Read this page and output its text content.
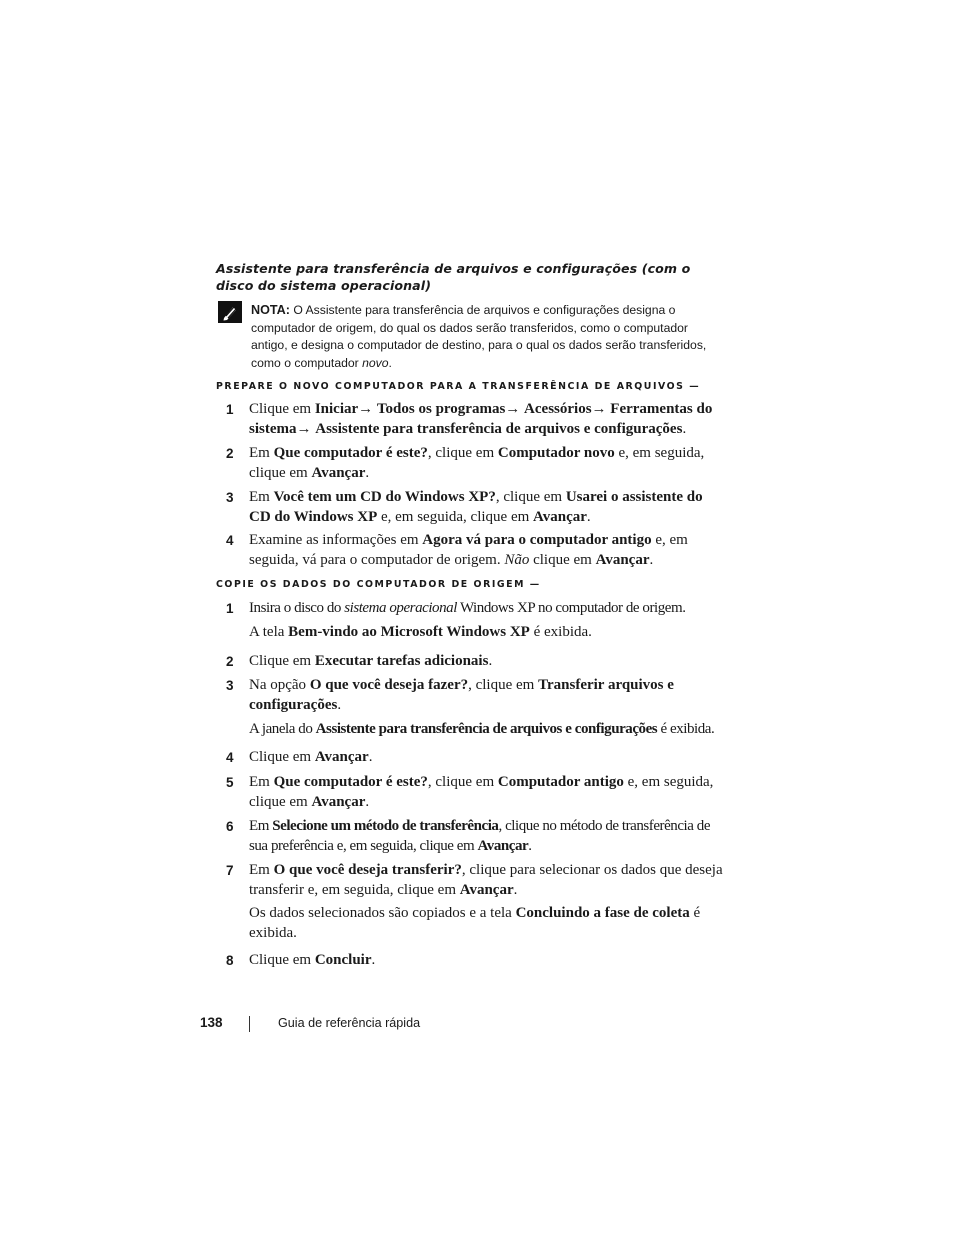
Assistente para transferência de arquivos e configurações (com o disco do sistema operacional)
NOTA: O Assistente para transferência de arquivos e configurações designa o computador de origem, do qual os dados serão transferidos, como o computador antigo, e designa o computador de destino, para o qual os dados serão transferidos, como o computador novo.
PREPARE O NOVO COMPUTADOR PARA A TRANSFERÊNCIA DE ARQUIVOS —
1 Clique em Iniciar→ Todos os programas→ Acessórios→ Ferramentas do sistema→ Assistente para transferência de arquivos e configurações.
2 Em Que computador é este?, clique em Computador novo e, em seguida, clique em Avançar.
3 Em Você tem um CD do Windows XP?, clique em Usarei o assistente do CD do Windows XP e, em seguida, clique em Avançar.
4 Examine as informações em Agora vá para o computador antigo e, em seguida, vá para o computador de origem. Não clique em Avançar.
COPIE OS DADOS DO COMPUTADOR DE ORIGEM —
1 Insira o disco do sistema operacional Windows XP no computador de origem.
A tela Bem-vindo ao Microsoft Windows XP é exibida.
2 Clique em Executar tarefas adicionais.
3 Na opção O que você deseja fazer?, clique em Transferir arquivos e configurações.
A janela do Assistente para transferência de arquivos e configurações é exibida.
4 Clique em Avançar.
5 Em Que computador é este?, clique em Computador antigo e, em seguida, clique em Avançar.
6 Em Selecione um método de transferência, clique no método de transferência de sua preferência e, em seguida, clique em Avançar.
7 Em O que você deseja transferir?, clique para selecionar os dados que deseja transferir e, em seguida, clique em Avançar.
Os dados selecionados são copiados e a tela Concluindo a fase de coleta é exibida.
8 Clique em Concluir.
138	Guia de referência rápida
